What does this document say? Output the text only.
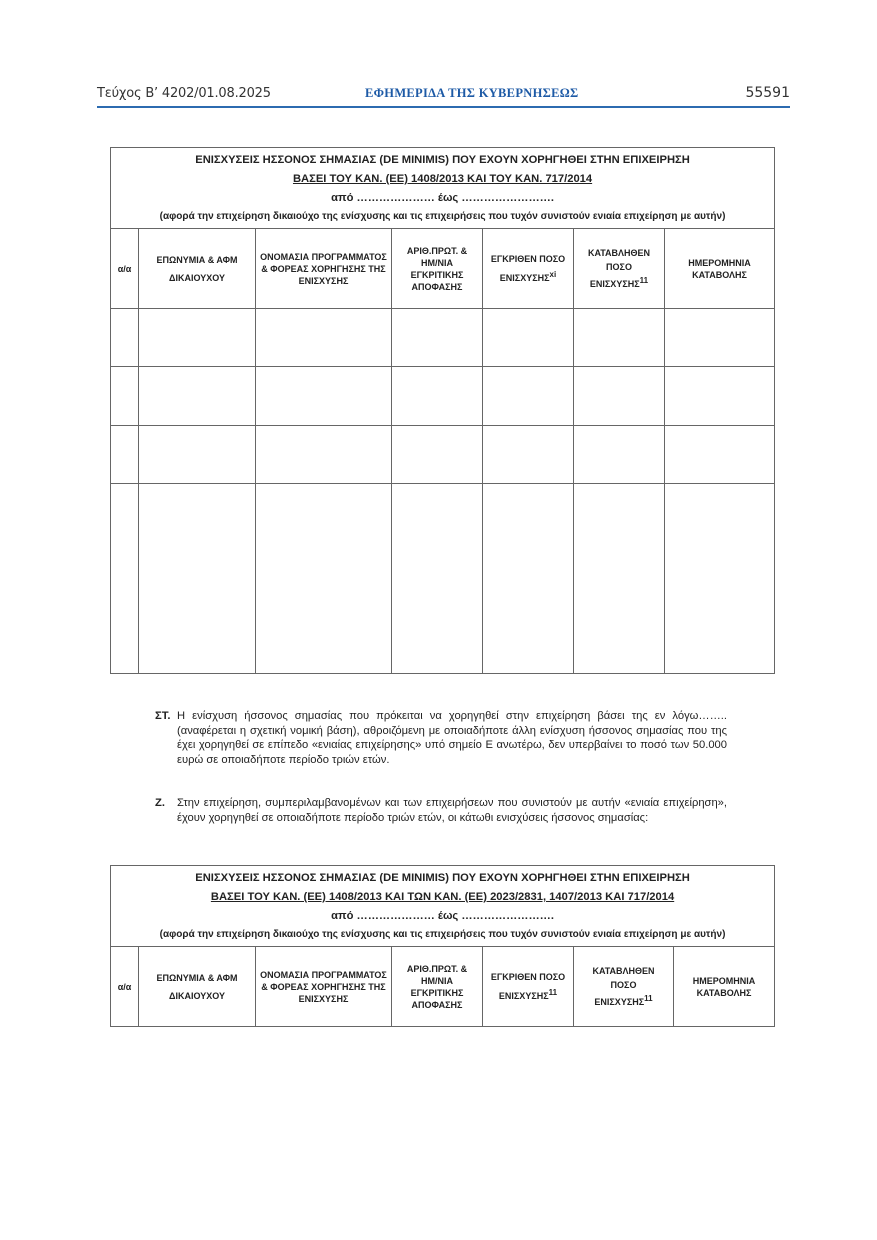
Τεύχος Β’ 4202/01.08.2025	ΕΦΗΜΕΡΙΔΑ ΤΗΣ ΚΥΒΕΡΝΗΣΕΩΣ	55591
ΕΝΙΣΧΥΣΕΙΣ ΗΣΣΟΝΟΣ ΣΗΜΑΣΙΑΣ (DE MINIMIS) ΠΟΥ ΕΧΟΥΝ ΧΟΡΗΓΗΘΕΙ ΣΤΗΝ ΕΠΙΧΕΙΡΗΣΗ						
ΒΑΣΕΙ ΤΟΥ ΚΑΝ. (ΕΕ) 1408/2013 ΚΑΙ ΤΟΥ ΚΑΝ. 717/2014						
από ………………… έως …………………….						
(αφορά την επιχείρηση δικαιούχο της ενίσχυσης και τις επιχειρήσεις που τυχόν συνιστούν ενιαία επιχείρηση με αυτήν)						
α/α	ΕΠΩΝΥΜΙΑ & ΑΦΜ ΔΙΚΑΙΟΥΧΟΥ	ΟΝΟΜΑΣΙΑ ΠΡΟΓΡΑΜΜΑΤΟΣ & ΦΟΡΕΑΣ ΧΟΡΗΓΗΣΗΣ ΤΗΣ ΕΝΙΣΧΥΣΗΣ	ΑΡΙΘ.ΠΡΩΤ. & ΗΜ/ΝΙΑ ΕΓΚΡΙΤΙΚΗΣ ΑΠΟΦΑΣΗΣ	ΕΓΚΡΙΘΕΝ ΠΟΣΟ ΕΝΙΣΧΥΣΗΣ$^{xi}$	ΚΑΤΑΒΛΗΘΕΝ ΠΟΣΟ ΕΝΙΣΧΥΣΗΣ$^{11}$	ΗΜΕΡΟΜΗΝΙΑ ΚΑΤΑΒΟΛΗΣ

ΣΤ. Η ενίσχυση ήσσονος σημασίας που πρόκειται να χορηγηθεί στην επιχείρηση βάσει της εν λόγω…….. (αναφέρεται η σχετική νομική βάση), αθροιζόμενη με οποιαδήποτε άλλη ενίσχυση ήσσονος σημασίας που της έχει χορηγηθεί σε επίπεδο «ενιαίας επιχείρησης» υπό σημείο Ε ανωτέρω, δεν υπερβαίνει το ποσό των 50.000 ευρώ σε οποιαδήποτε περίοδο τριών ετών.
Ζ.	Στην επιχείρηση, συμπεριλαμβανομένων και των επιχειρήσεων που συνιστούν με αυτήν «ενιαία επιχείρηση», έχουν χορηγηθεί σε οποιαδήποτε περίοδο τριών ετών, οι κάτωθι ενισχύσεις ήσσονος σημασίας:
ΕΝΙΣΧΥΣΕΙΣ ΗΣΣΟΝΟΣ ΣΗΜΑΣΙΑΣ (DE MINIMIS) ΠΟΥ ΕΧΟΥΝ ΧΟΡΗΓΗΘΕΙ ΣΤΗΝ ΕΠΙΧΕΙΡΗΣΗ
ΒΑΣΕΙ ΤΟΥ ΚΑΝ. (ΕΕ) 1408/2013 ΚΑΙ ΤΩΝ ΚΑΝ. (ΕΕ) 2023/2831, 1407/2013 ΚΑΙ 717/2014
από ………………… έως …………………….
(αφορά την επιχείρηση δικαιούχο της ενίσχυσης και τις επιχειρήσεις που τυχόν συνιστούν ενιαία επιχείρηση με αυτήν)
α/α	ΕΠΩΝΥΜΙΑ & ΑΦΜ ΔΙΚΑΙΟΥΧΟΥ	ΟΝΟΜΑΣΙΑ ΠΡΟΓΡΑΜΜΑΤΟΣ & ΦΟΡΕΑΣ ΧΟΡΗΓΗΣΗΣ ΤΗΣ ΕΝΙΣΧΥΣΗΣ	ΑΡΙΘ.ΠΡΩΤ. & ΗΜ/ΝΙΑ ΕΓΚΡΙΤΙΚΗΣ ΑΠΟΦΑΣΗΣ	ΕΓΚΡΙΘΕΝ ΠΟΣΟ ΕΝΙΣΧΥΣΗΣ$^{11}$	ΚΑΤΑΒΛΗΘΕΝ ΠΟΣΟ ΕΝΙΣΧΥΣΗΣ$^{11}$	ΗΜΕΡΟΜΗΝΙΑ ΚΑΤΑΒΟΛΗΣ
